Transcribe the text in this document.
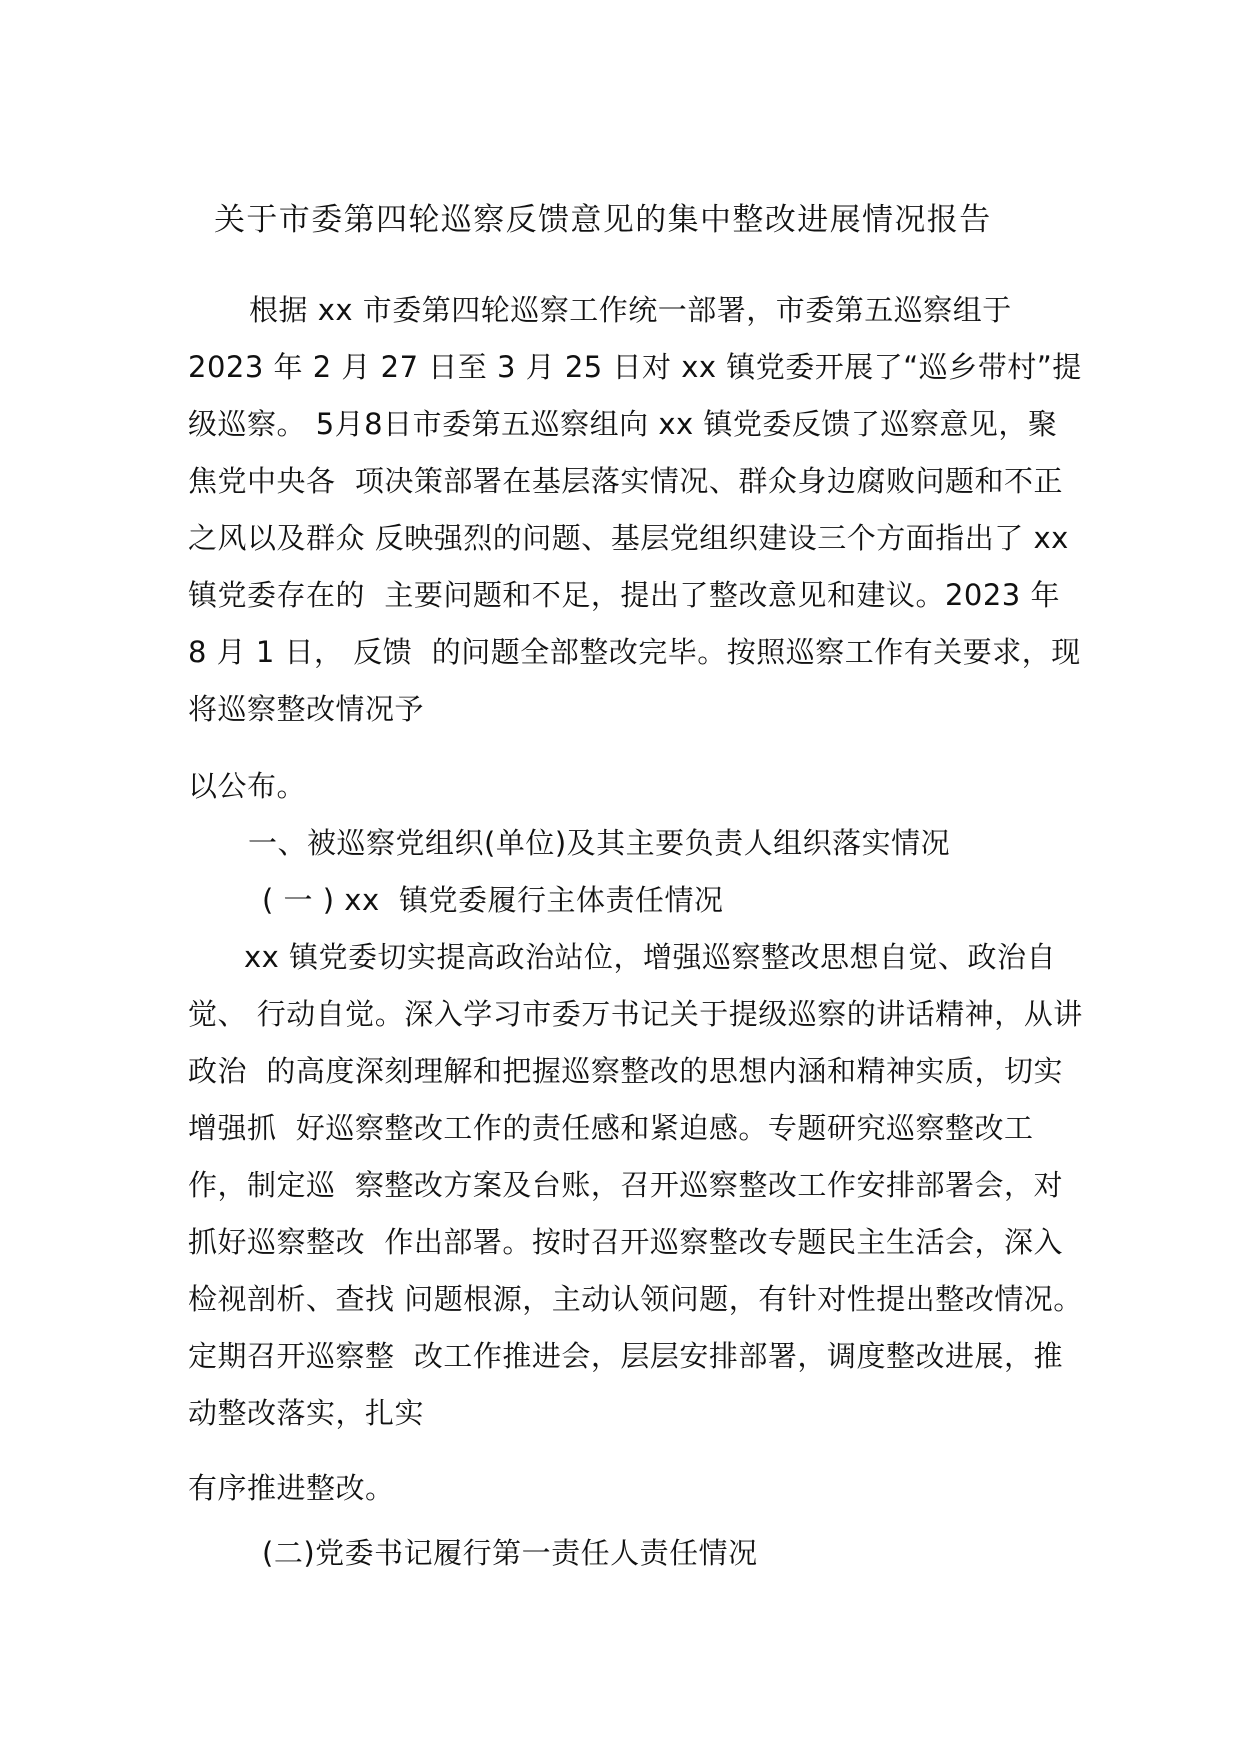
关于市委第四轮巡察反馈意见的集中整改进展情况报告
根据 xx 市委第四轮巡察工作统一部署，市委第五巡察组于
2023 年 2 月 27 日至 3 月 25 日对 xx 镇党委开展了“巡乡带村”提
级巡察。 5月8日市委第五巡察组向 xx 镇党委反馈了巡察意见，聚
焦党中央各  项决策部署在基层落实情况、群众身边腐败问题和不正
之风以及群众 反映强烈的问题、基层党组织建设三个方面指出了 xx
镇党委存在的  主要问题和不足，提出了整改意见和建议。2023 年
8 月 1 日， 反馈  的问题全部整改完毕。按照巡察工作有关要求，现
将巡察整改情况予
以公布。
一、被巡察党组织(单位)及其主要负责人组织落实情况
( 一 ) xx  镇党委履行主体责任情况
xx 镇党委切实提高政治站位，增强巡察整改思想自觉、政治自
觉、 行动自觉。深入学习市委万书记关于提级巡察的讲话精神，从讲
政治  的高度深刻理解和把握巡察整改的思想内涵和精神实质，切实
增强抓  好巡察整改工作的责任感和紧迫感。专题研究巡察整改工
作，制定巡  察整改方案及台账，召开巡察整改工作安排部署会，对
抓好巡察整改  作出部署。按时召开巡察整改专题民主生活会，深入
检视剖析、查找 问题根源，主动认领问题，有针对性提出整改情况。
定期召开巡察整  改工作推进会，层层安排部署，调度整改进展，推
动整改落实，扎实
有序推进整改。
(二)党委书记履行第一责任人责任情况
